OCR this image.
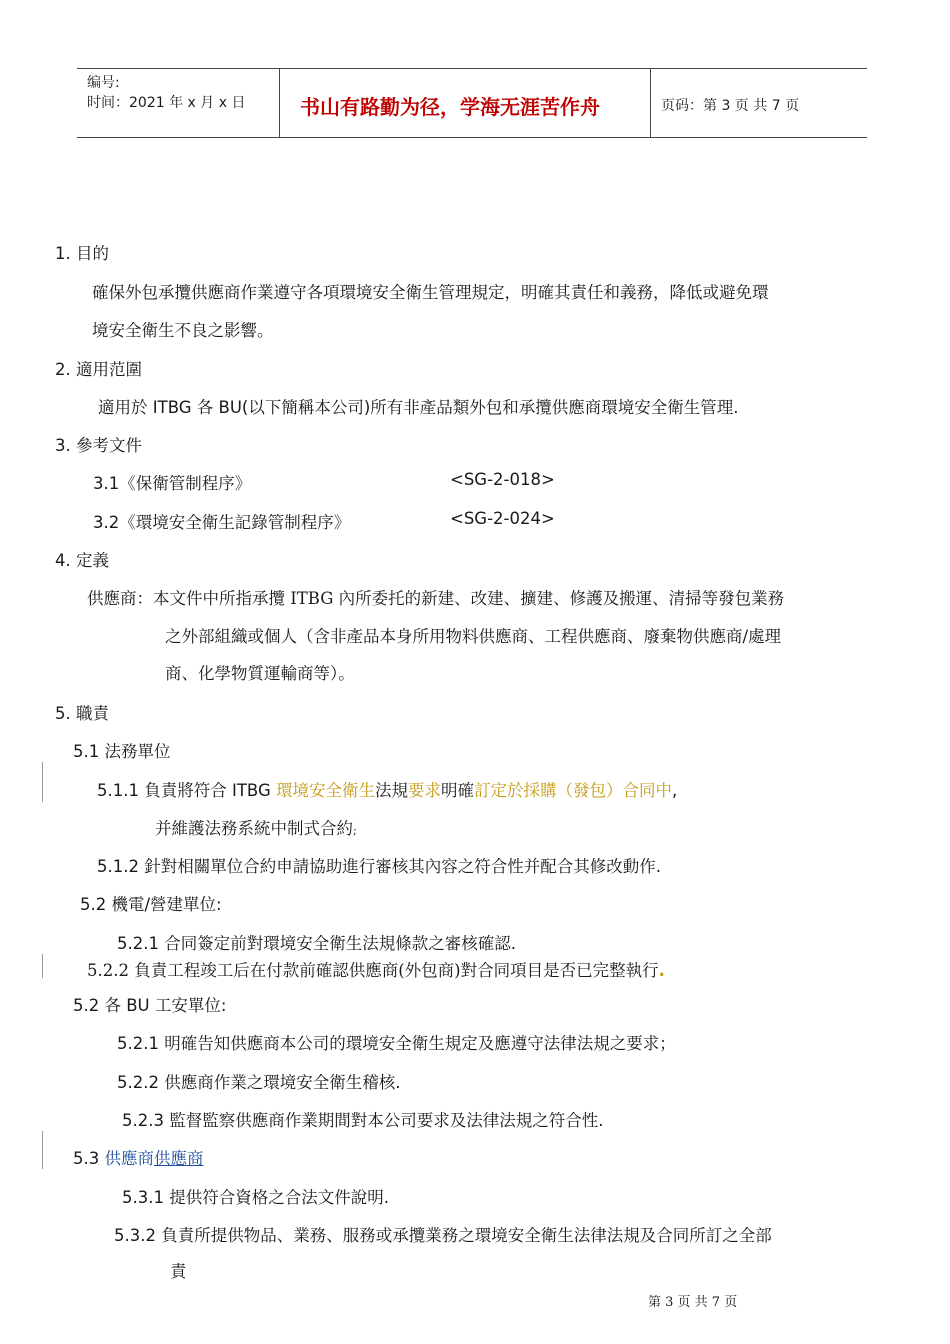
编号:
时间：2021 年 x 月 x 日	书山有路勤为径，学海无涯苦作舟	页码：第 3 页 共 7 页
1. 目的
確保外包承攬供應商作業遵守各項環境安全衛生管理規定，明確其責任和義務，降低或避免環
境安全衛生不良之影響。
2. 適用范圍
適用於 ITBG 各 BU(以下簡稱本公司)所有非產品類外包和承攬供應商環境安全衛生管理.
3. 參考文件
3.1《保衛管制程序》	<SG-2-018>
3.2《環境安全衛生記錄管制程序》	<SG-2-024>
4. 定義
供應商：本文件中所指承攬 ITBG 內所委托的新建、改建、擴建、修護及搬運、清掃等發包業務
之外部組織或個人（含非產品本身所用物料供應商、工程供應商、廢棄物供應商/處理
商、化學物質運輸商等）。
5. 職責
5.1 法務單位
5.1.1 負責將符合 ITBG 環境安全衛生法規要求明確訂定於採購（發包）合同中,
并維護法務系統中制式合約;
5.1.2 針對相關單位合約申請協助進行審核其內容之符合性并配合其修改動作.
5.2 機電/營建單位:
5.2.1 合同簽定前對環境安全衛生法規條款之審核確認.
5.2.2 負責工程竣工后在付款前確認供應商(外包商)對合同項目是否已完整執行.
5.2 各 BU 工安單位:
5.2.1 明確告知供應商本公司的環境安全衛生規定及應遵守法律法規之要求；
5.2.2 供應商作業之環境安全衛生稽核.
5.2.3 監督監察供應商作業期間對本公司要求及法律法規之符合性.
5.3 供應商供應商
5.3.1 提供符合資格之合法文件說明.
5.3.2 負責所提供物品、業務、服務或承攬業務之環境安全衛生法律法規及合同所訂之全部
責
第 3 页 共 7 页
